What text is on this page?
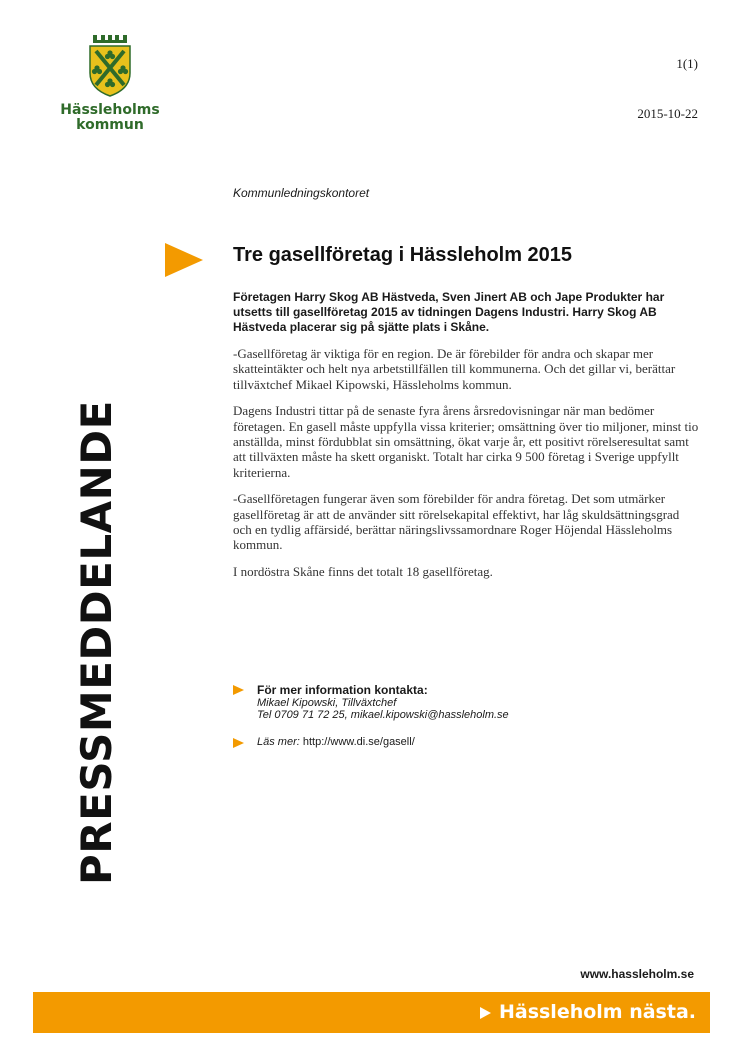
Hässleholms
kommun
1(1)
2015-10-22
Kommunledningskontoret
PRESSMEDDELANDE
Tre gasellföretag i Hässleholm 2015

Företagen Harry Skog AB Hästveda, Sven Jinert AB och Jape Produkter har utsetts till gasellföretag 2015 av tidningen Dagens Industri. Harry Skog AB Hästveda placerar sig på sjätte plats i Skåne.

-Gasellföretag är viktiga för en region. De är förebilder för andra och skapar mer skatteintäkter och helt nya arbetstillfällen till kommunerna. Och det gillar vi, berättar tillväxtchef Mikael Kipowski, Hässleholms kommun.

Dagens Industri tittar på de senaste fyra årens årsredovisningar när man bedömer företagen. En gasell måste uppfylla vissa kriterier; omsättning över tio miljoner, minst tio anställda, minst fördubblat sin omsättning, ökat varje år, ett positivt rörelseresultat samt att tillväxten måste ha skett organiskt. Totalt har cirka 9 500 företag i Sverige uppfyllt kriterierna.

-Gasellföretagen fungerar även som förebilder för andra företag. Det som utmärker gasellföretag är att de använder sitt rörelsekapital effektivt, har låg skuldsättningsgrad och en tydlig affärsidé, berättar näringslivssamordnare Roger Höjendal Hässleholms kommun.

I nordöstra Skåne finns det totalt 18 gasellföretag.

För mer information kontakta:
Mikael Kipowski, Tillväxtchef
Tel 0709 71 72 25, mikael.kipowski@hassleholm.se
Läs mer: http://www.di.se/gasell/
www.hassleholm.se
Hässleholm nästa.
